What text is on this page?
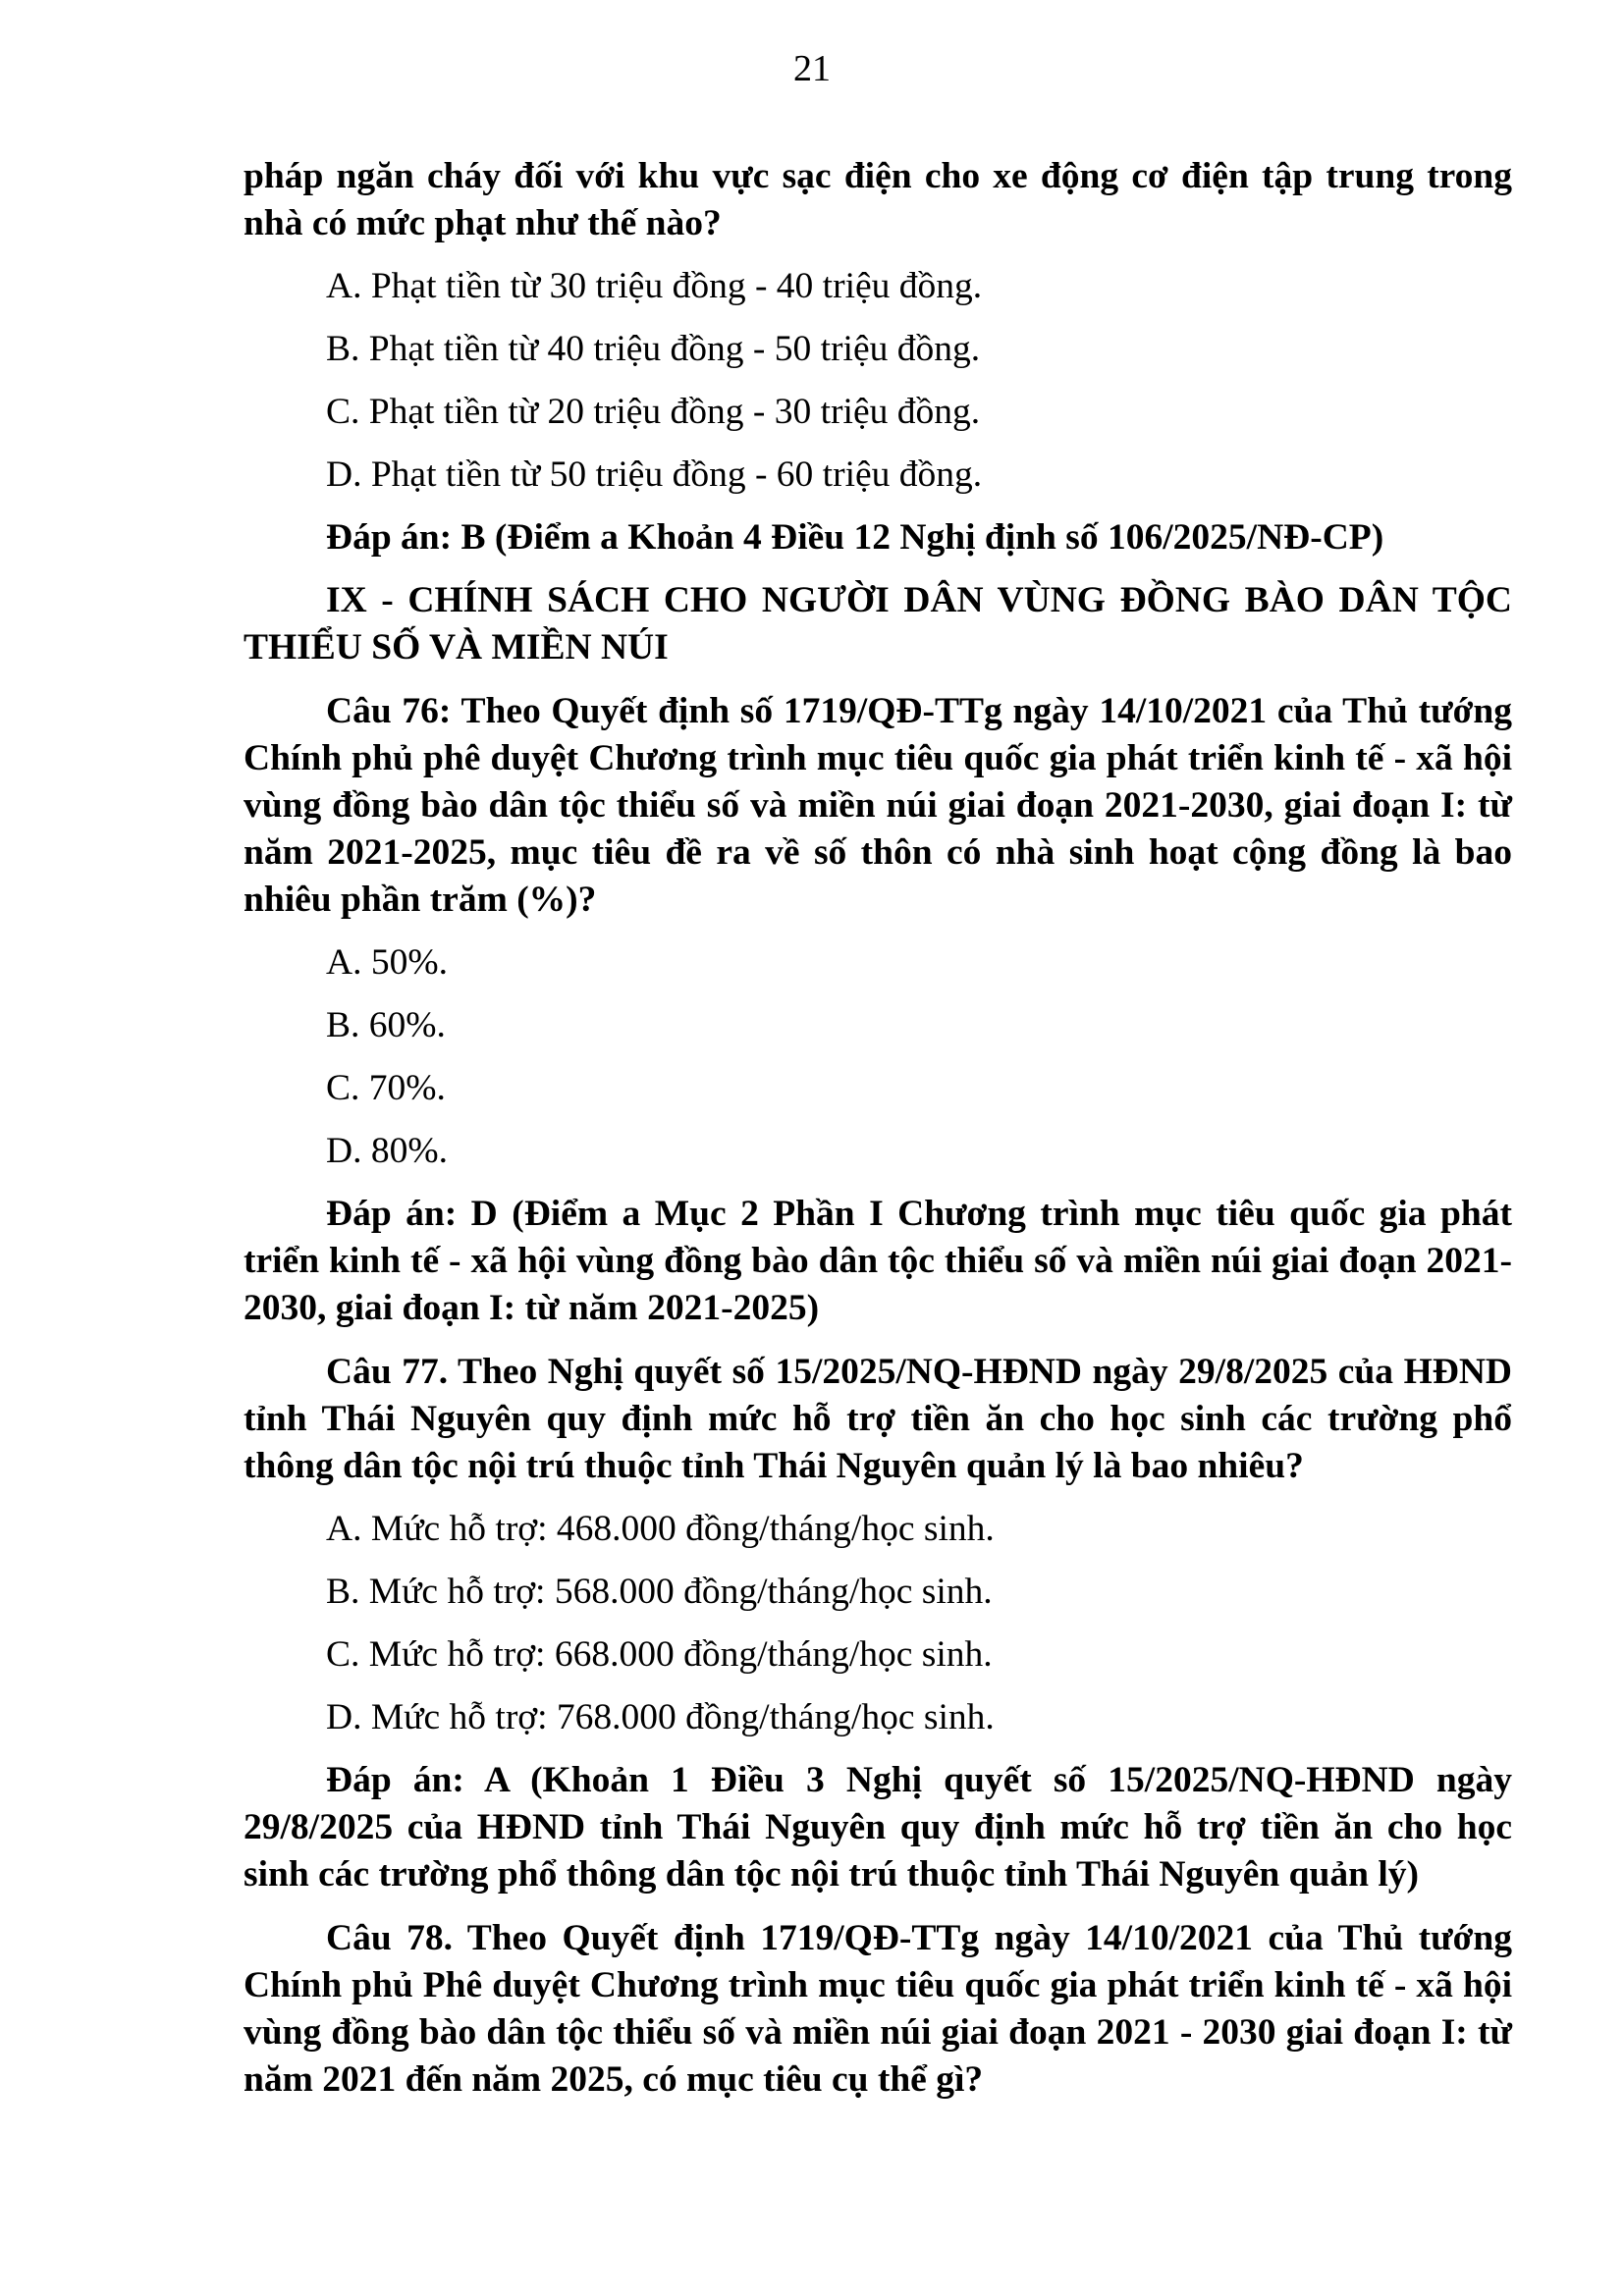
21

pháp ngăn cháy đối với khu vực sạc điện cho xe động cơ điện tập trung trong nhà có mức phạt như thế nào?

A. Phạt tiền từ 30 triệu đồng - 40 triệu đồng.

B. Phạt tiền từ 40 triệu đồng - 50 triệu đồng.

C. Phạt tiền từ 20 triệu đồng - 30 triệu đồng.

D. Phạt tiền từ 50 triệu đồng - 60 triệu đồng.

Đáp án: B (Điểm a Khoản 4 Điều 12 Nghị định số 106/2025/NĐ-CP)

IX - CHÍNH SÁCH CHO NGƯỜI DÂN VÙNG ĐỒNG BÀO DÂN TỘC THIỂU SỐ VÀ MIỀN NÚI

Câu 76: Theo Quyết định số 1719/QĐ-TTg ngày 14/10/2021 của Thủ tướng Chính phủ phê duyệt Chương trình mục tiêu quốc gia phát triển kinh tế - xã hội vùng đồng bào dân tộc thiểu số và miền núi giai đoạn 2021-2030, giai đoạn I: từ năm 2021-2025, mục tiêu đề ra về số thôn có nhà sinh hoạt cộng đồng là bao nhiêu phần trăm (%)?

A. 50%.

B. 60%.

C. 70%.

D. 80%.

Đáp án: D (Điểm a Mục 2 Phần I Chương trình mục tiêu quốc gia phát triển kinh tế - xã hội vùng đồng bào dân tộc thiểu số và miền núi giai đoạn 2021- 2030, giai đoạn I: từ năm 2021-2025)

Câu 77. Theo Nghị quyết số 15/2025/NQ-HĐND ngày 29/8/2025 của HĐND tỉnh Thái Nguyên quy định mức hỗ trợ tiền ăn cho học sinh các trường phổ thông dân tộc nội trú thuộc tỉnh Thái Nguyên quản lý là bao nhiêu?

A. Mức hỗ trợ: 468.000 đồng/tháng/học sinh.

B. Mức hỗ trợ: 568.000 đồng/tháng/học sinh.

C. Mức hỗ trợ: 668.000 đồng/tháng/học sinh.

D. Mức hỗ trợ: 768.000 đồng/tháng/học sinh.

Đáp án: A (Khoản 1 Điều 3 Nghị quyết số 15/2025/NQ-HĐND ngày 29/8/2025 của HĐND tỉnh Thái Nguyên quy định mức hỗ trợ tiền ăn cho học sinh các trường phổ thông dân tộc nội trú thuộc tỉnh Thái Nguyên quản lý)

Câu 78. Theo Quyết định 1719/QĐ-TTg ngày 14/10/2021 của Thủ tướng Chính phủ Phê duyệt Chương trình mục tiêu quốc gia phát triển kinh tế - xã hội vùng đồng bào dân tộc thiểu số và miền núi giai đoạn 2021 - 2030 giai đoạn I: từ năm 2021 đến năm 2025, có mục tiêu cụ thể gì?
